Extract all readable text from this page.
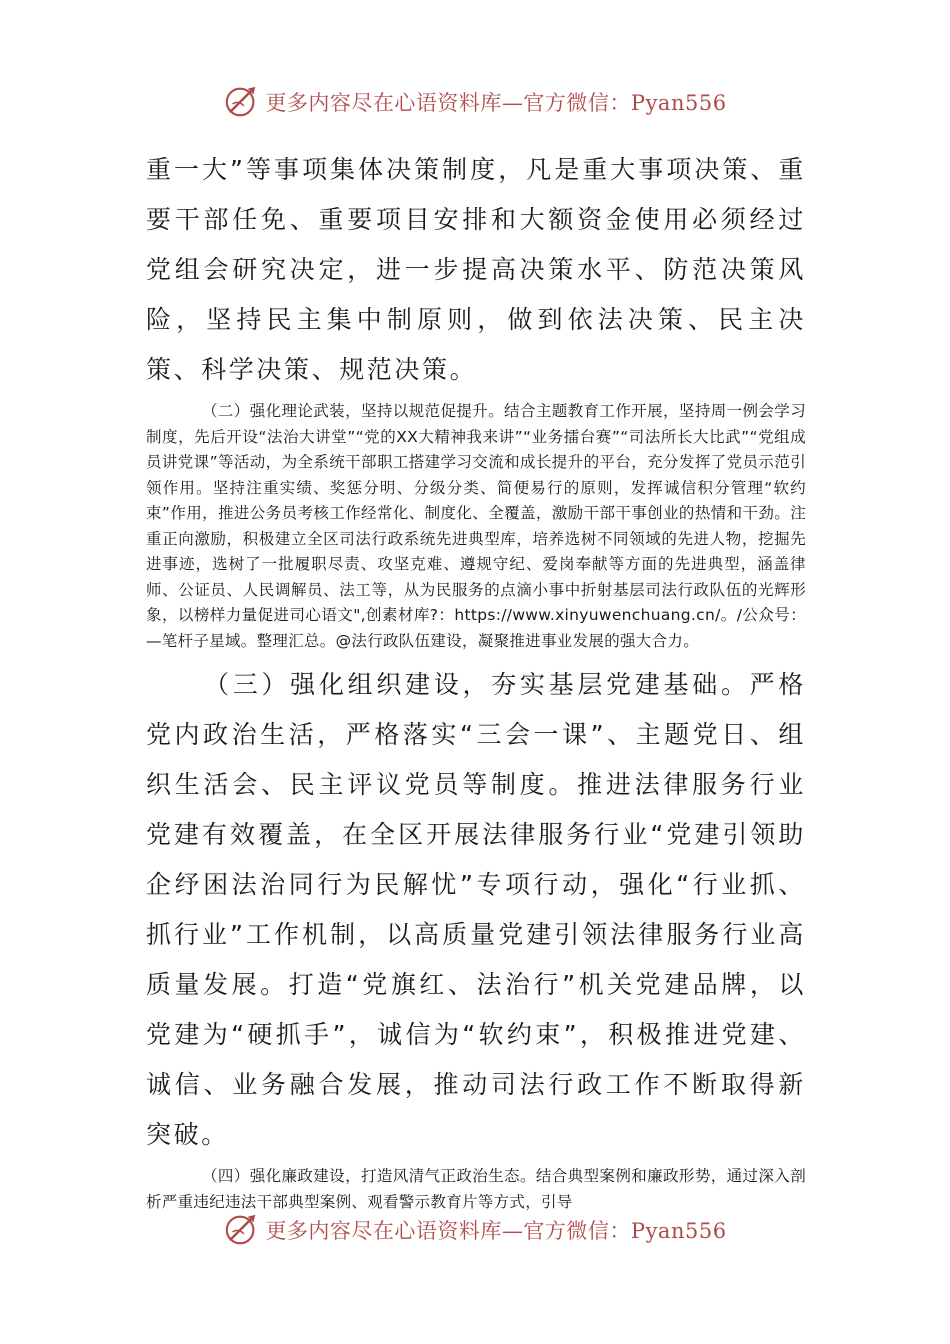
更多内容尽在心语资料库—官方微信：Pyan556

重一大”等事项集体决策制度，凡是重大事项决策、重要干部任免、重要项目安排和大额资金使用必须经过党组会研究决定，进一步提高决策水平、防范决策风险，坚持民主集中制原则，做到依法决策、民主决策、科学决策、规范决策。

（二）强化理论武装，坚持以规范促提升。结合主题教育工作开展，坚持周一例会学习制度，先后开设“法治大讲堂”“党的XX大精神我来讲”“业务擂台赛”“司法所长大比武”“党组成员讲党课”等活动，为全系统干部职工搭建学习交流和成长提升的平台，充分发挥了党员示范引领作用。坚持注重实绩、奖惩分明、分级分类、简便易行的原则，发挥诚信积分管理“软约束”作用，推进公务员考核工作经常化、制度化、全覆盖，激励干部干事创业的热情和干劲。注重正向激励，积极建立全区司法行政系统先进典型库，培养选树不同领域的先进人物，挖掘先进事迹，选树了一批履职尽责、攻坚克难、遵规守纪、爱岗奉献等方面的先进典型，涵盖律师、公证员、人民调解员、法工等，从为民服务的点滴小事中折射基层司法行政队伍的光辉形象，以榜样力量促进司心语文",创素材库?：https://www.xinyuwenchuang.cn/。/公众号：—笔杆子星域。整理汇总。@法行政队伍建设，凝聚推进事业发展的强大合力。

（三）强化组织建设，夯实基层党建基础。严格党内政治生活，严格落实“三会一课”、主题党日、组织生活会、民主评议党员等制度。推进法律服务行业党建有效覆盖，在全区开展法律服务行业“党建引领助企纾困法治同行为民解忧”专项行动，强化“行业抓、抓行业”工作机制，以高质量党建引领法律服务行业高质量发展。打造“党旗红、法治行”机关党建品牌，以党建为“硬抓手”，诚信为“软约束”，积极推进党建、诚信、业务融合发展，推动司法行政工作不断取得新突破。

（四）强化廉政建设，打造风清气正政治生态。结合典型案例和廉政形势，通过深入剖析严重违纪违法干部典型案例、观看警示教育片等方式，引导

更多内容尽在心语资料库—官方微信：Pyan556
